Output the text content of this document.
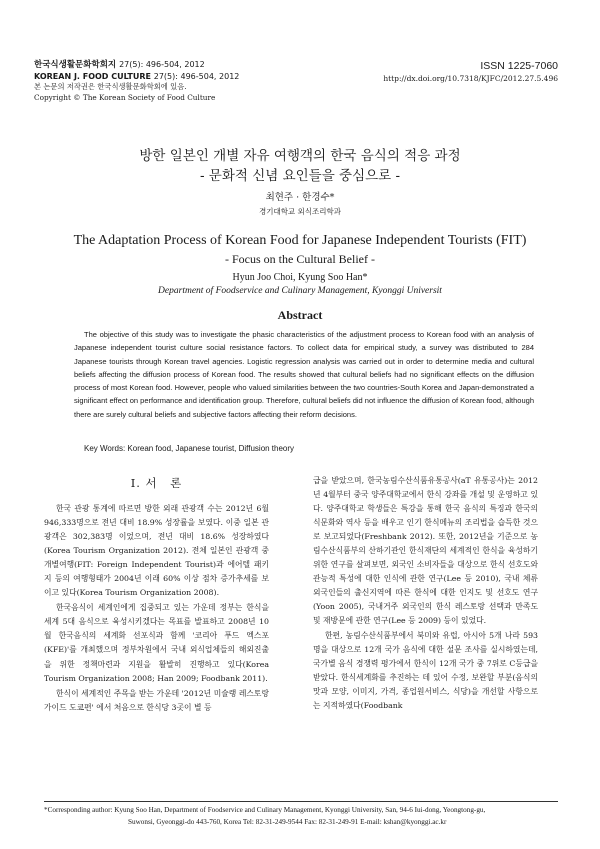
한국식생활문화학회지 27(5): 496-504, 2012
KOREAN J. FOOD CULTURE 27(5): 496-504, 2012
본 논문의 저작권은 한국식생활문화학회에 있음.
Copyright © The Korean Society of Food Culture
ISSN 1225-7060
http://dx.doi.org/10.7318/KJFC/2012.27.5.496
방한 일본인 개별 자유 여행객의 한국 음식의 적응 과정
- 문화적 신념 요인들을 중심으로 -
최현주 · 한경수*
경기대학교 외식조리학과
The Adaptation Process of Korean Food for Japanese Independent Tourists (FIT)
- Focus on the Cultural Belief -
Hyun Joo Choi, Kyung Soo Han*
Department of Foodservice and Culinary Management, Kyonggi Universit
Abstract
The objective of this study was to investigate the phasic characteristics of the adjustment process to Korean food with an analysis of Japanese independent tourist culture social resistance factors. To collect data for empirical study, a survey was distributed to 284 Japanese tourists through Korean travel agencies. Logistic regression analysis was carried out in order to determine media and cultural beliefs affecting the diffusion process of Korean food. The results showed that cultural beliefs had no significant effects on the diffusion process of most Korean food. However, people who valued similarities between the two countries-South Korea and Japan-demonstrated a significant effect on performance and identification group. Therefore, cultural beliefs did not influence the diffusion of Korean food, although there are surely cultural beliefs and subjective factors affecting their reform decisions.
Key Words: Korean food, Japanese tourist, Diffusion theory
I. 서　론

한국 관광 통계에 따르면 방한 외래 관광객 수는 2012년 6월 946,333명으로 전년 대비 18.9% 성장률을 보였다. 이중 일본 관광객은 302,383명 이었으며, 전년 대비 18.6% 성장하였다(Korea Tourism Organization 2012). 전체 일본인 관광객 중 개별여행(FIT: Foreign Independent Tourist)과 에어텔 패키지 등의 여행형태가 2004년 이래 60% 이상 점차 증가추세를 보이고 있다(Korea Tourism Organization 2008).

한국음식이 세계인에게 집중되고 있는 가운데 정부는 한식을 세계 5대 음식으로 육성시키겠다는 목표를 발표하고 2008년 10월 한국음식의 세계화 선포식과 함께 '코리아 푸드 엑스포(KFE)'를 개최했으며 정부차원에서 국내 외식업체들의 해외진출을 위한 정책마련과 지원을 활발히 진행하고 있다(Korea Tourism Organization 2008; Han 2009; Foodbank 2011).

한식이 세계적인 주목을 받는 가운데 '2012년 미슐랭 레스토랑 가이드 도쿄편' 에서 처음으로 한식당 3곳이 별 등

급을 받았으며, 한국농림수산식품유통공사(aT 유통공사)는 2012년 4월부터 중국 양주대학교에서 한식 강좌를 개설 및 운영하고 있다. 양주대학교 학생들은 특강을 통해 한국 음식의 특징과 한국의 식문화와 역사 등을 배우고 인기 한식메뉴의 조리법을 습득한 것으로 보고되었다(Freshbank 2012). 또한, 2012년을 기준으로 농림수산식품부의 산하기관인 한식재단의 세계적인 한식을 육성하기 위한 연구를 살펴보면, 외국인 소비자들을 대상으로 한식 선호도와 관능적 특성에 대한 인식에 관한 연구(Lee 등 2010), 국내 체류 외국인들의 출신지역에 따른 한식에 대한 인지도 및 선호도 연구(Yoon 2005), 국내거주 외국인의 한식 레스토랑 선택과 만족도 및 재방문에 관한 연구(Lee 등 2009) 등이 있었다.

한편, 농림수산식품부에서 북미와 유럽, 아시아 5개 나라 593명을 대상으로 12개 국가 음식에 대한 설문 조사를 실시하였는데, 국가별 음식 경쟁력 평가에서 한식이 12개 국가 중 7위로 C등급을 받았다. 한식세계화를 추진하는 데 있어 수정, 보완할 부분(음식의 맛과 모양, 이미지, 가격, 종업원서비스, 식당)을 개선할 사항으로는 지적하였다(Foodbank

*Corresponding author: Kyung Soo Han, Department of Foodservice and Culinary Management, Kyonggi University, San, 94-6 Iui-dong, Yeongtong-gu,
Suwonsi, Gyeonggi-do 443-760, Korea Tel: 82-31-249-9544 Fax: 82-31-249-91 E-mail: kshan@kyonggi.ac.kr
